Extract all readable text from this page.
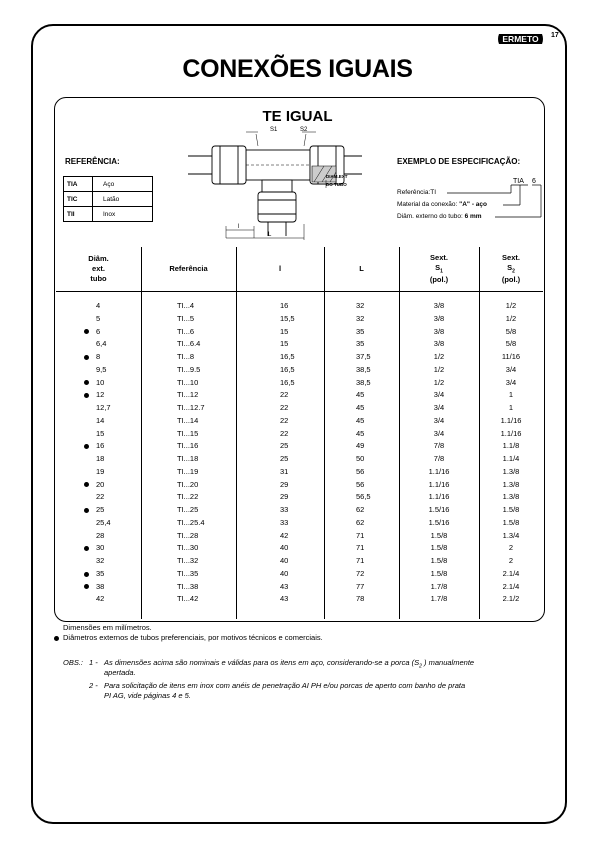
17
ERMETO
CONEXÕES IGUAIS
TE IGUAL
REFERÊNCIA:
TIA	Aço
TIC	Latão
TII	Inox
EXEMPLO DE ESPECIFICAÇÃO:
TIA 6
Referência:TI
Material da conexão: "A" - aço
Diâm. externo do tubo: 6 mm
S1	S2
DIAM.EXT
DO TUBO
l
L
Diâm.
ext.
tubo
Referência	l	L
Sext.
$S_1$
(pol.)
Sext.
$S_2$
(pol.)
4	TI...4	16	32	3/8	1/2
5	TI...5	15,5	32	3/8	1/2
6	TI...6	15	35	3/8	5/8
6,4	TI...6.4	15	35	3/8	5/8
8	TI...8	16,5	37,5	1/2	11/16
9,5	TI...9.5	16,5	38,5	1/2	3/4
10	TI...10	16,5	38,5	1/2	3/4
12	TI...12	22	45	3/4	1
12,7	TI...12.7	22	45	3/4	1
14	TI...14	22	45	3/4	1.1/16
15	TI...15	22	45	3/4	1.1/16
16	TI...16	25	49	7/8	1.1/8
18	TI...18	25	50	7/8	1.1/4
19	TI...19	31	56	1.1/16	1.3/8
20	TI...20	29	56	1.1/16	1.3/8
22	TI...22	29	56,5	1.1/16	1.3/8
25	TI...25	33	62	1.5/16	1.5/8
25,4	TI...25.4	33	62	1.5/16	1.5/8
28	TI...28	42	71	1.5/8	1.3/4
30	TI...30	40	71	1.5/8	2
32	TI...32	40	71	1.5/8	2
35	TI...35	40	72	1.5/8	2.1/4
38	TI...38	43	77	1.7/8	2.1/4
42	TI...42	43	78	1.7/8	2.1/2
Dimensões em milímetros.
Diâmetros externos de tubos preferenciais, por motivos técnicos e comerciais.
OBS.: 1 - As dimensões acima são nominais e válidas para os itens em aço, considerando-se a porca ($S_2$ ) manualmente
apertada.
2 - Para solicitação de itens em inox com anéis de penetração AI PH e/ou porcas de aperto com banho de prata
PI AG, vide páginas 4 e 5.
